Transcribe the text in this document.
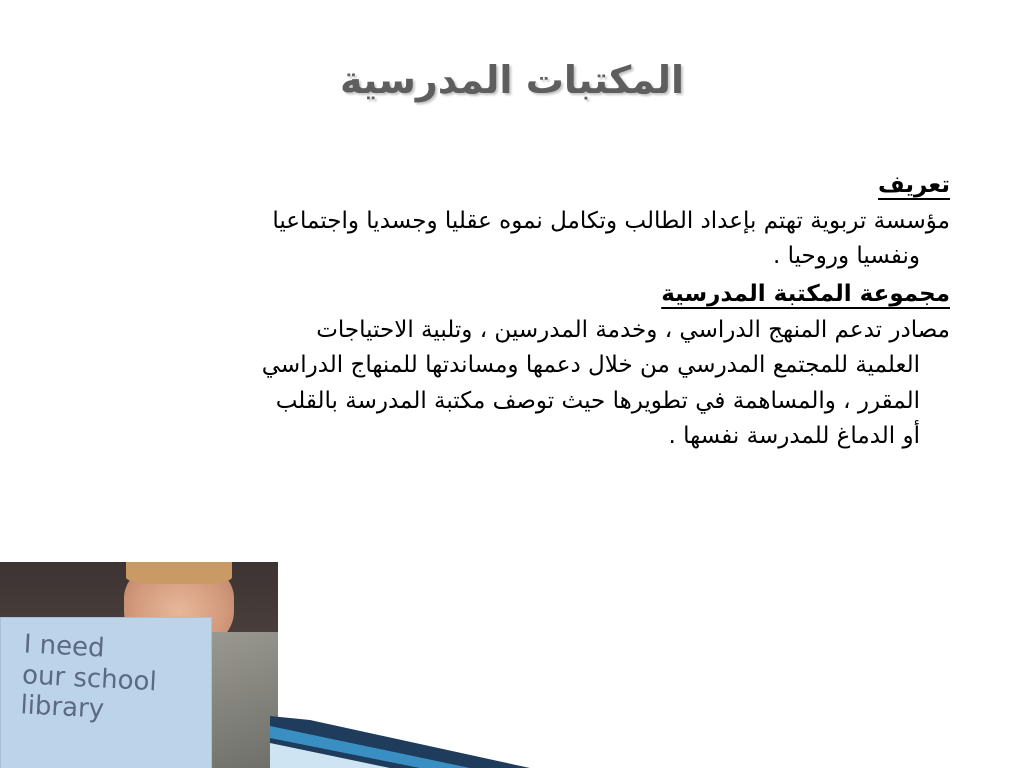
المكتبات المدرسية
تعريف
مؤسسة تربوية تهتم بإعداد الطالب وتكامل نموه عقليا وجسديا واجتماعيا
ونفسيا وروحيا .
مجموعة المكتبة المدرسية
مصادر تدعم المنهج الدراسي ، وخدمة المدرسين ، وتلبية الاحتياجات
العلمية للمجتمع المدرسي من خلال دعمها ومساندتها للمنهاج الدراسي
المقرر ، والمساهمة في تطويرها حيث توصف مكتبة المدرسة بالقلب
أو الدماغ للمدرسة نفسها .
I need
our school
library
